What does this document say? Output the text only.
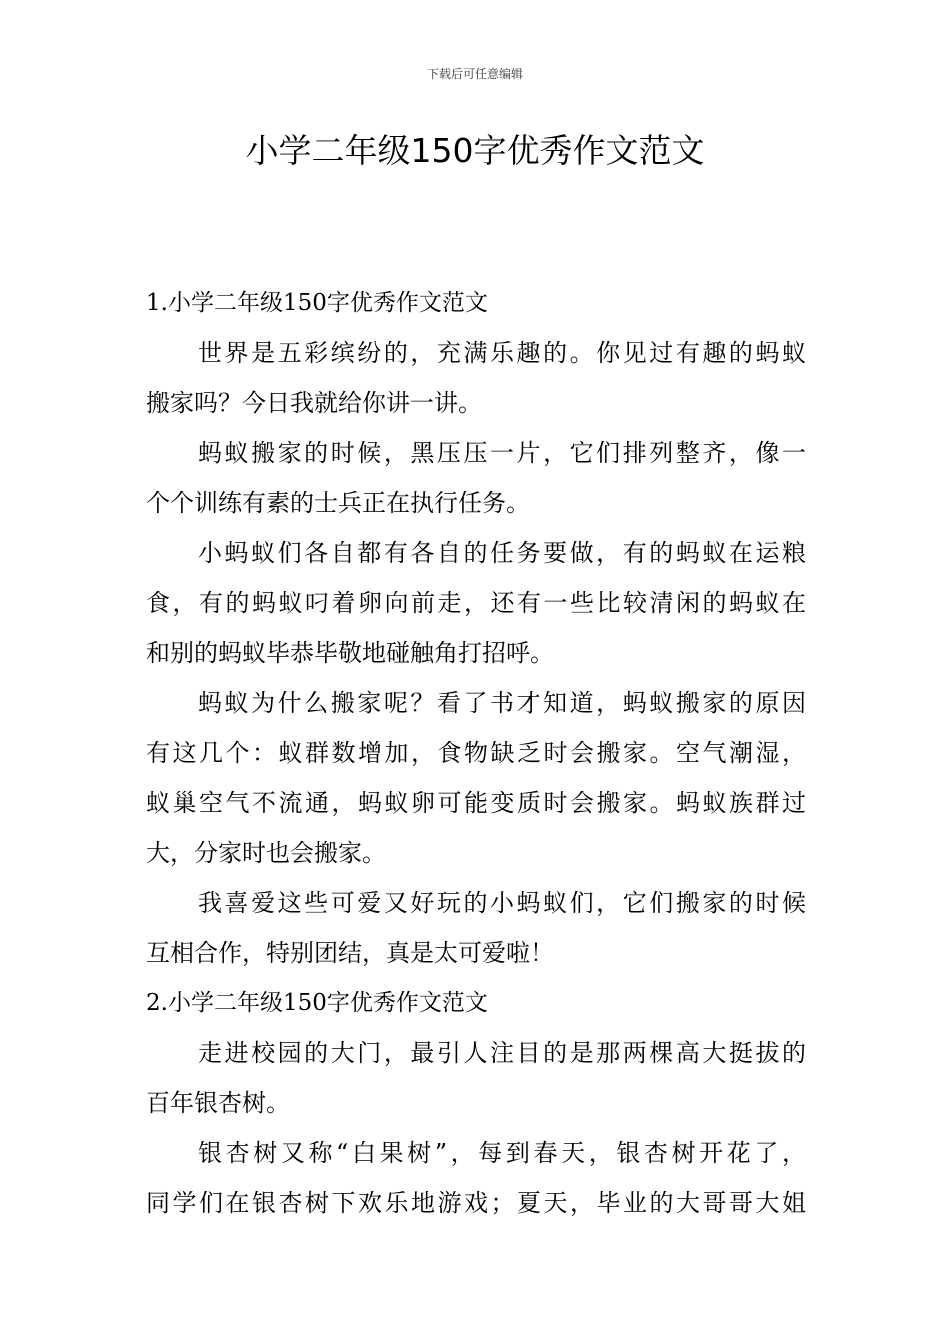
下载后可任意编辑
小学二年级150字优秀作文范文
1.小学二年级150字优秀作文范文
世界是五彩缤纷的，充满乐趣的。你见过有趣的蚂蚁
搬家吗？今日我就给你讲一讲。
蚂蚁搬家的时候，黑压压一片，它们排列整齐，像一
个个训练有素的士兵正在执行任务。
小蚂蚁们各自都有各自的任务要做，有的蚂蚁在运粮
食，有的蚂蚁叼着卵向前走，还有一些比较清闲的蚂蚁在
和别的蚂蚁毕恭毕敬地碰触角打招呼。
蚂蚁为什么搬家呢？看了书才知道，蚂蚁搬家的原因
有这几个：蚁群数增加，食物缺乏时会搬家。空气潮湿，
蚁巢空气不流通，蚂蚁卵可能变质时会搬家。蚂蚁族群过
大，分家时也会搬家。
我喜爱这些可爱又好玩的小蚂蚁们，它们搬家的时候
互相合作，特别团结，真是太可爱啦！
2.小学二年级150字优秀作文范文
走进校园的大门，最引人注目的是那两棵高大挺拔的
百年银杏树。
银杏树又称“白果树”，每到春天，银杏树开花了，
同学们在银杏树下欢乐地游戏；夏天，毕业的大哥哥大姐
